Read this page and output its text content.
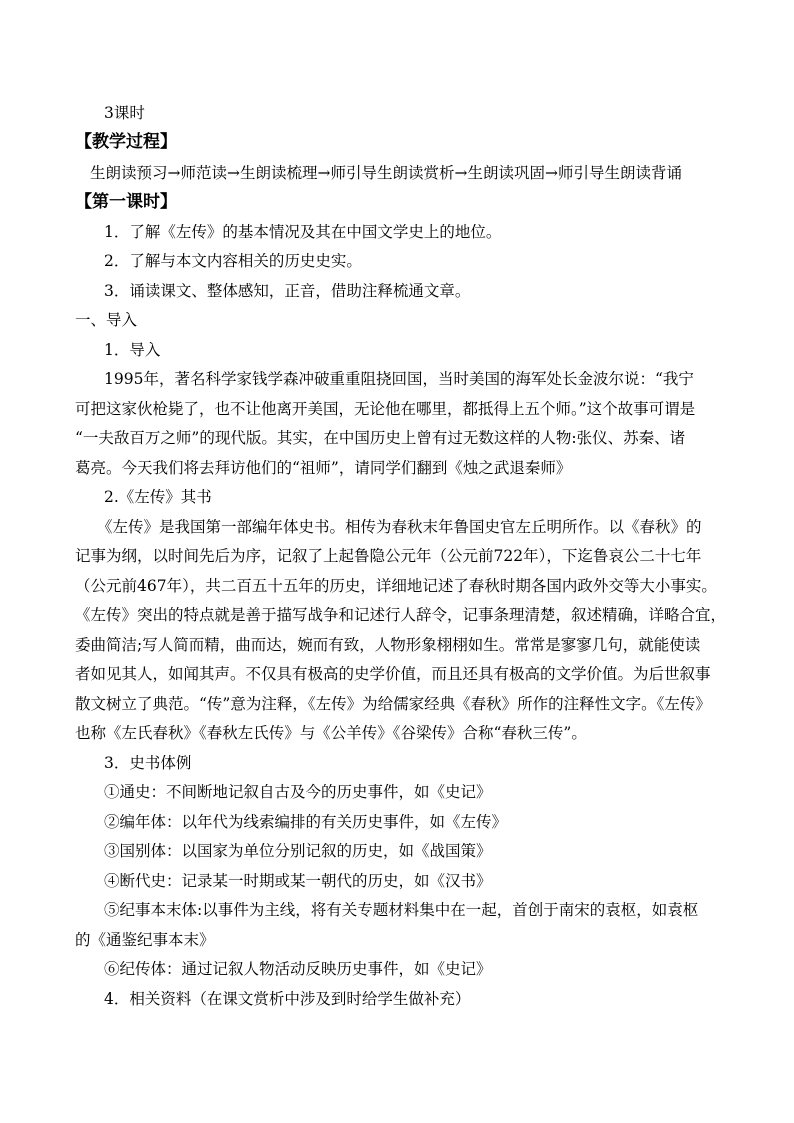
3课时
【教学过程】
生朗读预习→师范读→生朗读梳理→师引导生朗读赏析→生朗读巩固→师引导生朗读背诵
【第一课时】
1．了解《左传》的基本情况及其在中国文学史上的地位。
2．了解与本文内容相关的历史史实。
3．诵读课文、整体感知，正音，借助注释梳通文章。
一、导入
1．导入
1995年，著名科学家钱学森冲破重重阻挠回国，当时美国的海军处长金波尔说：“我宁
可把这家伙枪毙了，也不让他离开美国，无论他在哪里，都抵得上五个师。”这个故事可谓是
“一夫敌百万之师”的现代版。其实，在中国历史上曾有过无数这样的人物:张仪、苏秦、诸
葛亮。今天我们将去拜访他们的“祖师”，请同学们翻到《烛之武退秦师》
2.《左传》其书
《左传》是我国第一部编年体史书。相传为春秋末年鲁国史官左丘明所作。以《春秋》的
记事为纲，以时间先后为序，记叙了上起鲁隐公元年（公元前722年），下迄鲁哀公二十七年
（公元前467年），共二百五十五年的历史，详细地记述了春秋时期各国内政外交等大小事实。
《左传》突出的特点就是善于描写战争和记述行人辞令，记事条理清楚，叙述精确，详略合宜，
委曲简洁;写人简而精，曲而达，婉而有致，人物形象栩栩如生。常常是寥寥几句，就能使读
者如见其人，如闻其声。不仅具有极高的史学价值，而且还具有极高的文学价值。为后世叙事
散文树立了典范。“传”意为注释，《左传》为给儒家经典《春秋》所作的注释性文字。《左传》
也称《左氏春秋》《春秋左氏传》与《公羊传》《谷梁传》合称“春秋三传”。
3．史书体例
①通史：不间断地记叙自古及今的历史事件，如《史记》
②编年体：以年代为线索编排的有关历史事件，如《左传》
③国别体：以国家为单位分别记叙的历史，如《战国策》
④断代史：记录某一时期或某一朝代的历史，如《汉书》
⑤纪事本末体:以事件为主线，将有关专题材料集中在一起，首创于南宋的袁枢，如袁枢
的《通鉴纪事本末》
⑥纪传体：通过记叙人物活动反映历史事件，如《史记》
4．相关资料（在课文赏析中涉及到时给学生做补充）
